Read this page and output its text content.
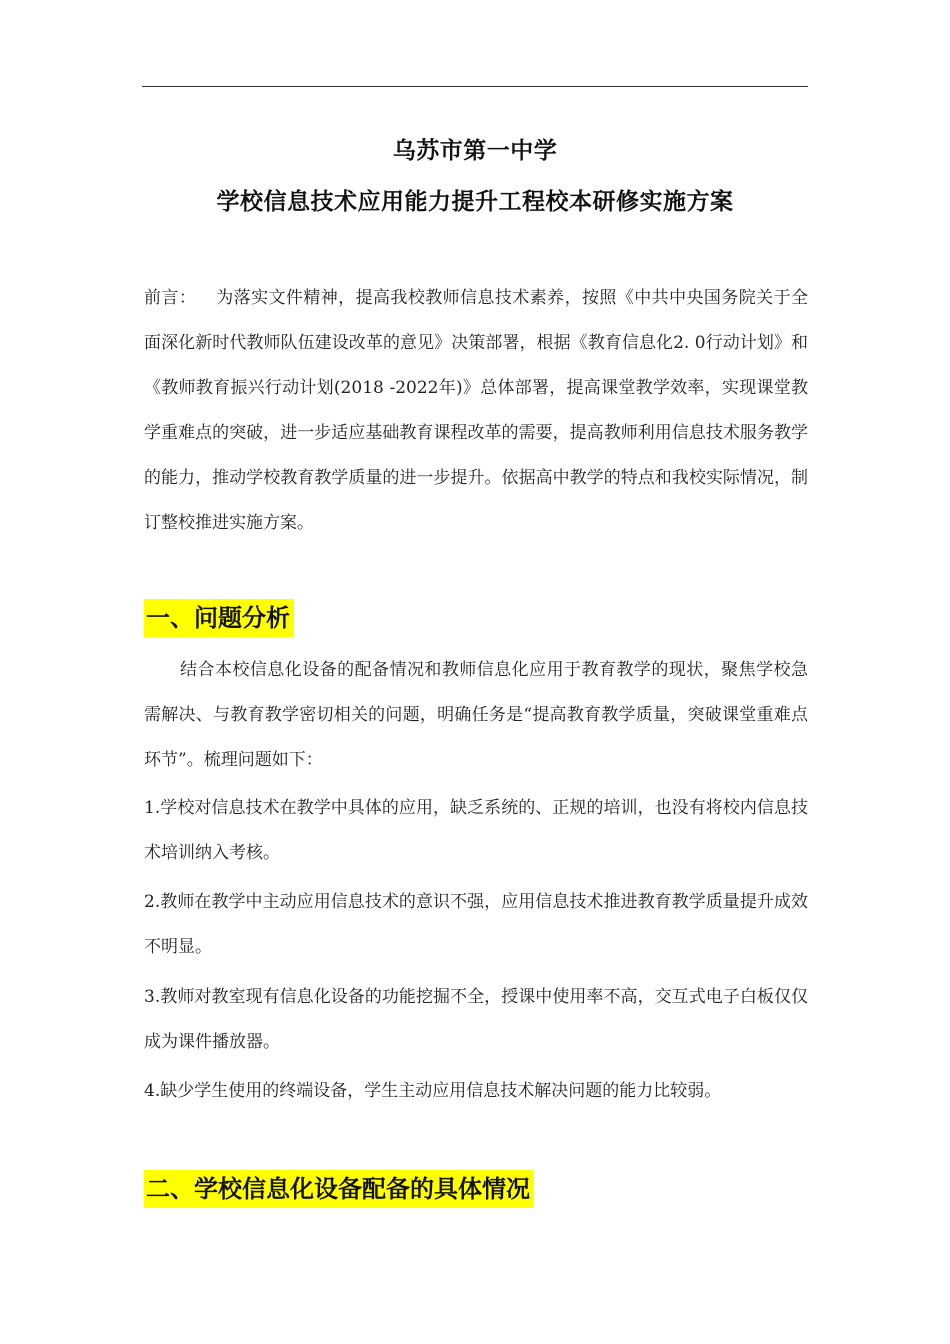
乌苏市第一中学
学校信息技术应用能力提升工程校本研修实施方案
前言： 为落实文件精神，提高我校教师信息技术素养，按照《中共中央国务院关于全面深化新时代教师队伍建设改革的意见》决策部署，根据《教育信息化2. 0行动计划》和《教师教育振兴行动计划(2018 -2022年)》总体部署，提高课堂教学效率，实现课堂教学重难点的突破，进一步适应基础教育课程改革的需要，提高教师利用信息技术服务教学的能力，推动学校教育教学质量的进一步提升。依据高中教学的特点和我校实际情况，制订整校推进实施方案。
一、问题分析
结合本校信息化设备的配备情况和教师信息化应用于教育教学的现状，聚焦学校急需解决、与教育教学密切相关的问题，明确任务是“提高教育教学质量，突破课堂重难点环节”。梳理问题如下：
1.学校对信息技术在教学中具体的应用，缺乏系统的、正规的培训，也没有将校内信息技术培训纳入考核。
2.教师在教学中主动应用信息技术的意识不强，应用信息技术推进教育教学质量提升成效不明显。
3.教师对教室现有信息化设备的功能挖掘不全，授课中使用率不高，交互式电子白板仅仅成为课件播放器。
4.缺少学生使用的终端设备，学生主动应用信息技术解决问题的能力比较弱。
二、学校信息化设备配备的具体情况
